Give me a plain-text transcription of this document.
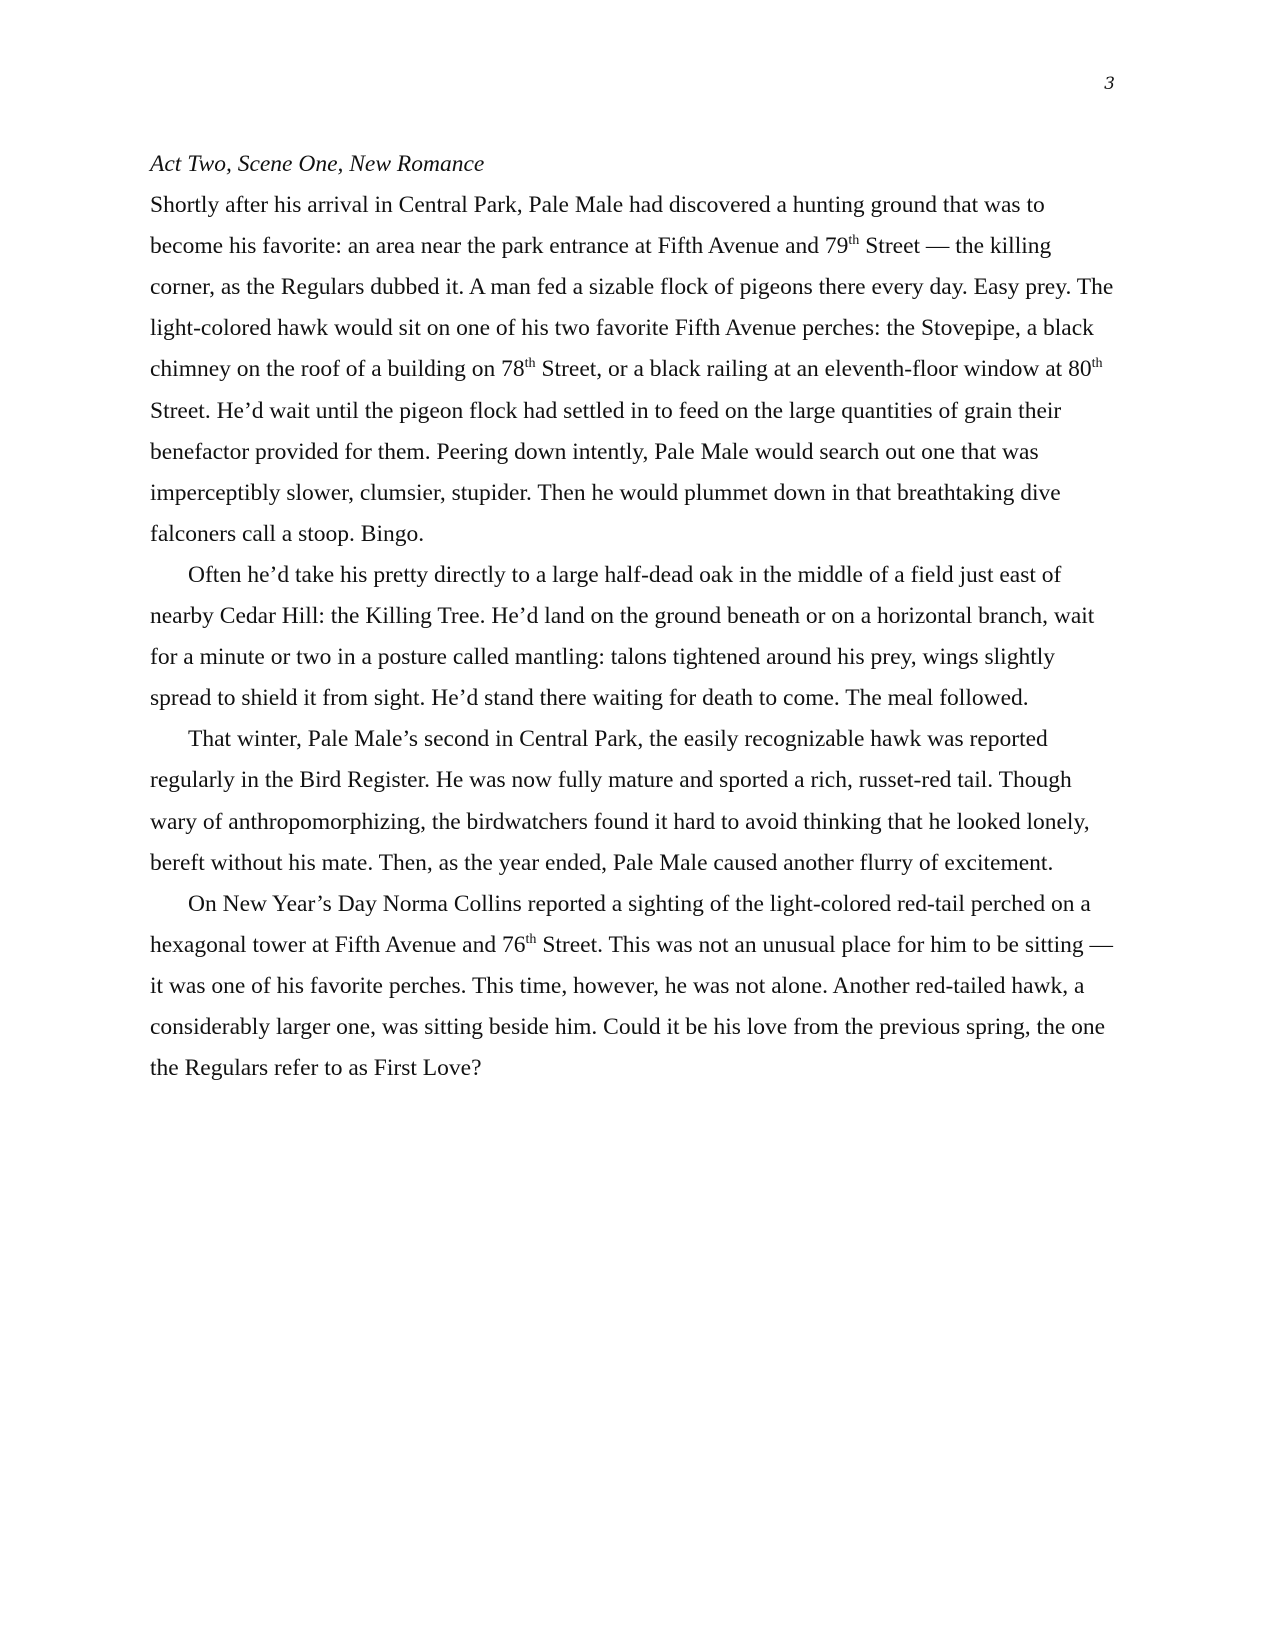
3

Act Two, Scene One, New Romance

Shortly after his arrival in Central Park, Pale Male had discovered a hunting ground that was to become his favorite: an area near the park entrance at Fifth Avenue and 79th Street — the killing corner, as the Regulars dubbed it. A man fed a sizable flock of pigeons there every day. Easy prey. The light-colored hawk would sit on one of his two favorite Fifth Avenue perches: the Stovepipe, a black chimney on the roof of a building on 78th Street, or a black railing at an eleventh-floor window at 80th Street. He’d wait until the pigeon flock had settled in to feed on the large quantities of grain their benefactor provided for them. Peering down intently, Pale Male would search out one that was imperceptibly slower, clumsier, stupider. Then he would plummet down in that breathtaking dive falconers call a stoop. Bingo.

Often he’d take his pretty directly to a large half-dead oak in the middle of a field just east of nearby Cedar Hill: the Killing Tree. He’d land on the ground beneath or on a horizontal branch, wait for a minute or two in a posture called mantling: talons tightened around his prey, wings slightly spread to shield it from sight. He’d stand there waiting for death to come. The meal followed.

That winter, Pale Male’s second in Central Park, the easily recognizable hawk was reported regularly in the Bird Register. He was now fully mature and sported a rich, russet-red tail. Though wary of anthropomorphizing, the birdwatchers found it hard to avoid thinking that he looked lonely, bereft without his mate. Then, as the year ended, Pale Male caused another flurry of excitement.

On New Year’s Day Norma Collins reported a sighting of the light-colored red-tail perched on a hexagonal tower at Fifth Avenue and 76th Street. This was not an unusual place for him to be sitting — it was one of his favorite perches. This time, however, he was not alone. Another red-tailed hawk, a considerably larger one, was sitting beside him. Could it be his love from the previous spring, the one the Regulars refer to as First Love?
